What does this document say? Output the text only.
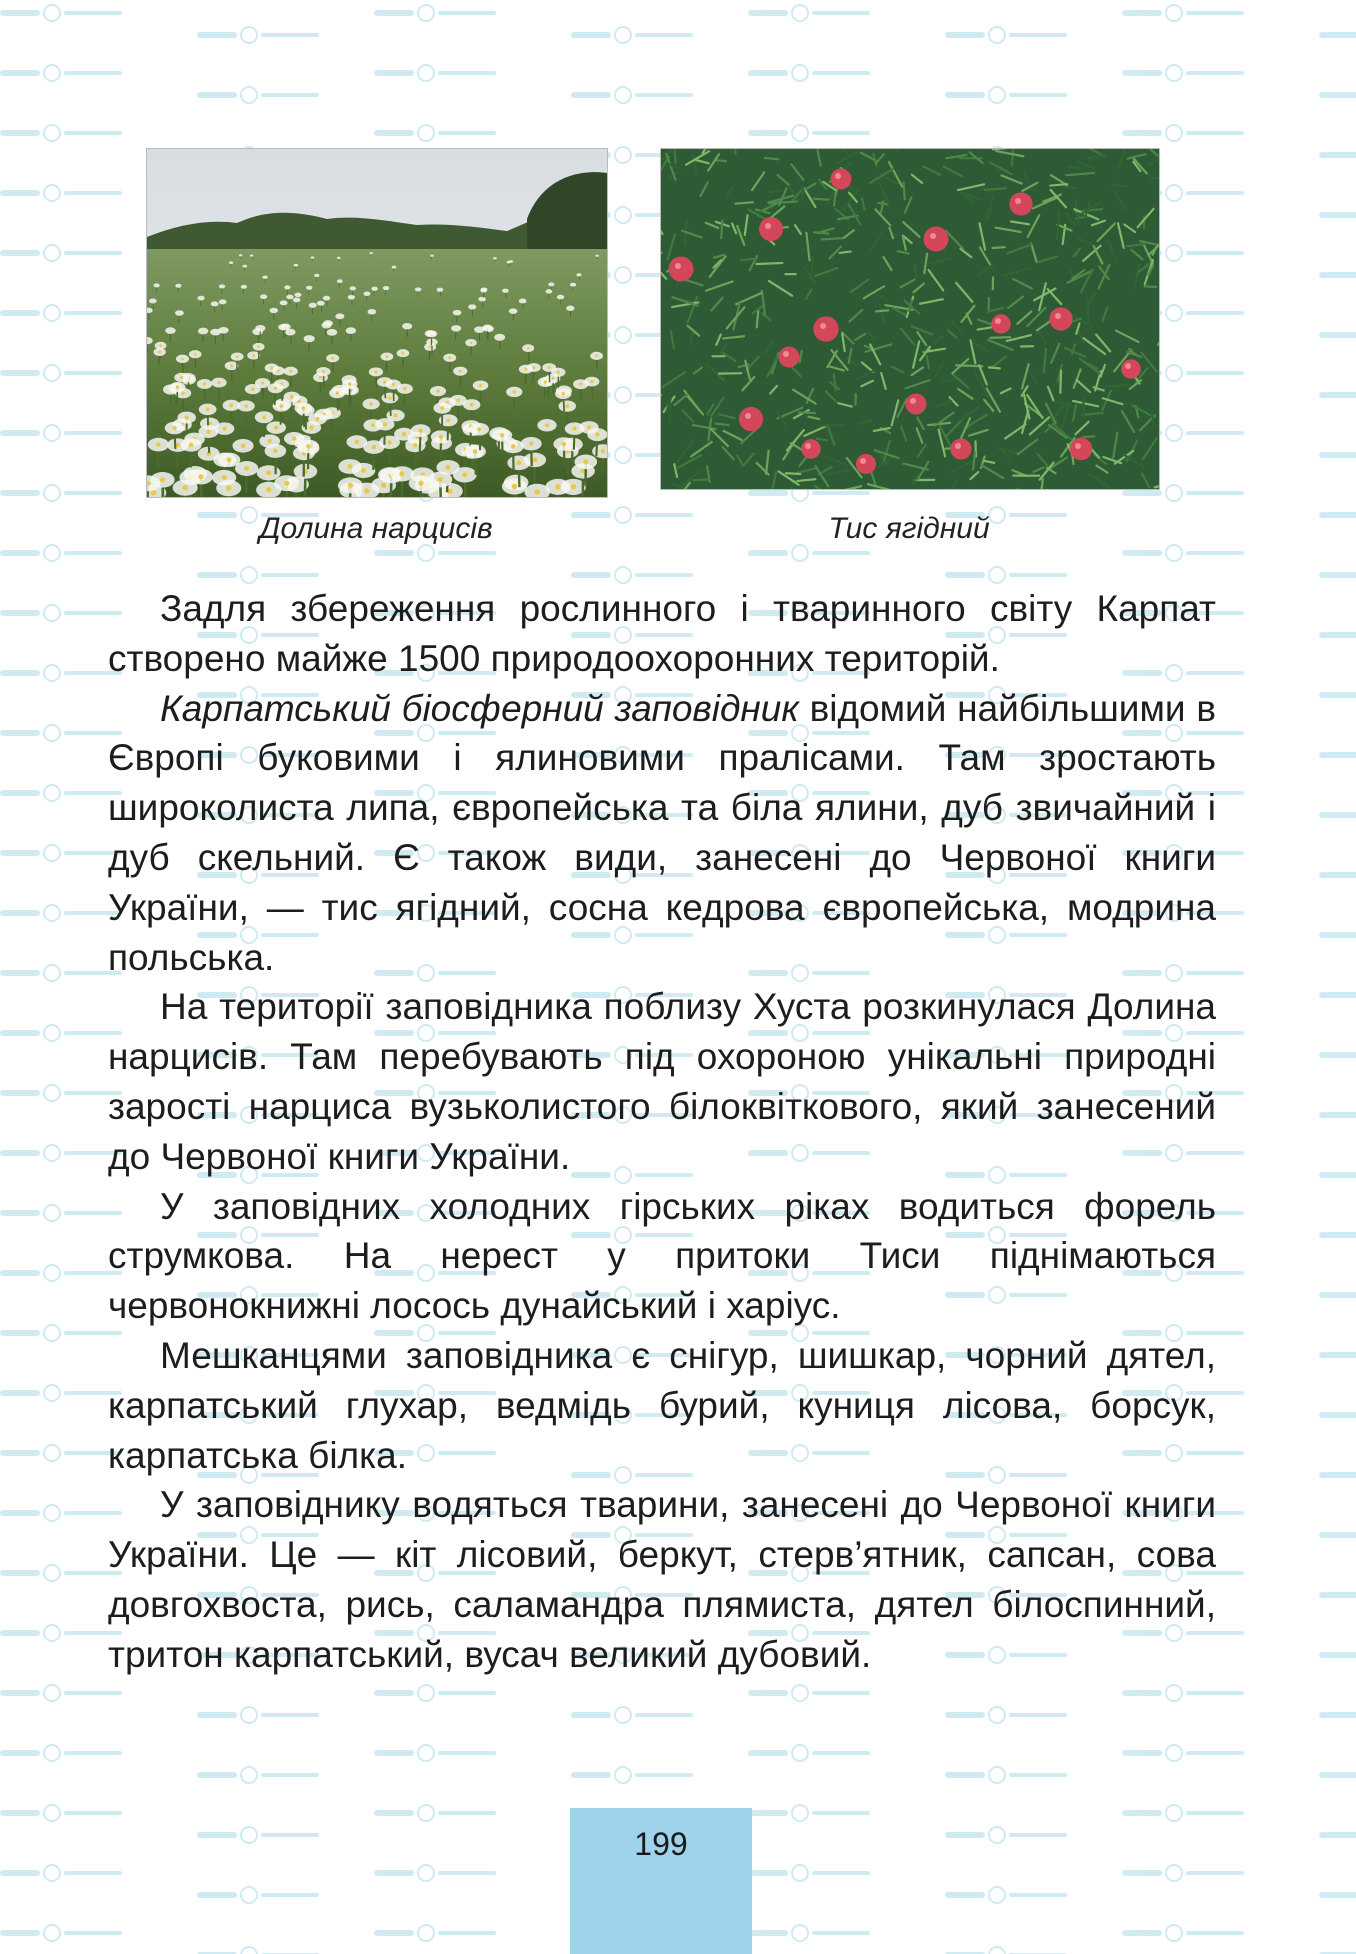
Долина нарцисів	Тис ягідний

Задля збереження рослинного і тваринного світу Карпат створено майже 1500 природоохоронних територій.

Карпатський біосферний заповідник відомий найбільшими в Європі буковими і ялиновими пралісами. Там зростають широколиста липа, європейська та біла ялини, дуб звичайний і дуб скельний. Є також види, занесені до Червоної книги України, — тис ягідний, сосна кедрова європейська, модрина польська.

На території заповідника поблизу Хуста розкинулася Долина нарцисів. Там перебувають під охороною унікальні природні зарості нарциса вузьколистого білоквіткового, який занесений до Червоної книги України.

У заповідних холодних гірських ріках водиться форель струмкова. На нерест у притоки Тиси піднімаються червонокнижні лосось дунайський і харіус.

Мешканцями заповідника є снігур, шишкар, чорний дятел, карпатський глухар, ведмідь бурий, куниця лісова, борсук, карпатська білка.

У заповіднику водяться тварини, занесені до Червоної книги України. Це — кіт лісовий, беркут, стерв’ятник, сапсан, сова довгохвоста, рись, саламандра плямиста, дятел білоспинний, тритон карпатський, вусач великий дубовий.

199
